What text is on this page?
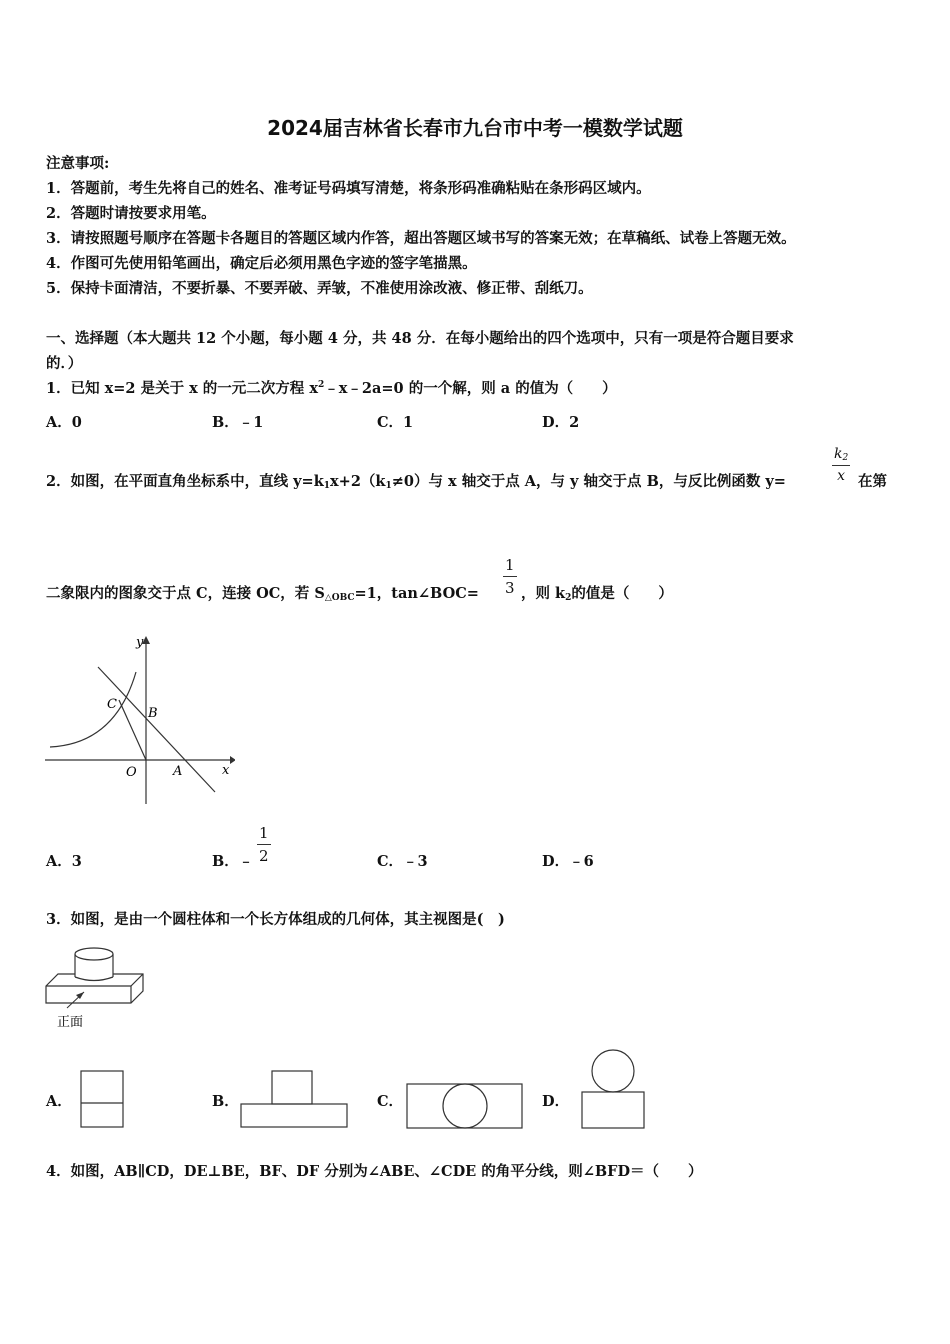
2024届吉林省长春市九台市中考一模数学试题
注意事项:
1．答题前，考生先将自己的姓名、准考证号码填写清楚，将条形码准确粘贴在条形码区域内。
2．答题时请按要求用笔。
3．请按照题号顺序在答题卡各题目的答题区域内作答，超出答题区域书写的答案无效；在草稿纸、试卷上答题无效。
4．作图可先使用铅笔画出，确定后必须用黑色字迹的签字笔描黑。
5．保持卡面清洁，不要折暴、不要弄破、弄皱，不准使用涂改液、修正带、刮纸刀。
一、选择题（本大题共 12 个小题，每小题 4 分，共 48 分．在每小题给出的四个选项中，只有一项是符合题目要求
的．）
1．已知 x=2 是关于 x 的一元二次方程 $x^2﹣x﹣2a=0$ 的一个解，则 a 的值为（　　）
A．0	B．﹣1	C．1	D．2
2．如图，在平面直角坐标系中，直线 $y=k_1x+2(k_1\ne 0)$与 x 轴交于点 A，与 y 轴交于点 B，与反比例函数 y=	$\frac{k_2}{x}$ 在第
二象限内的图象交于点 C，连接 OC，若 $S_{\triangle OBC}=1$，tan∠BOC= $\frac{1}{3}$ ，则 $k_2$的值是（　　）
y
x
C
B
O	A
A．3	B．﹣ $\frac{1}{2}$	C．﹣3	D．﹣6
3．如图，是由一个圆柱体和一个长方体组成的几何体，其主视图是(　)
正面
A．	B．	C．	D．
4．如图，AB∥CD，DE⊥BE，BF、DF 分别为∠ABE、∠CDE 的角平分线，则∠BFD＝（　　）
